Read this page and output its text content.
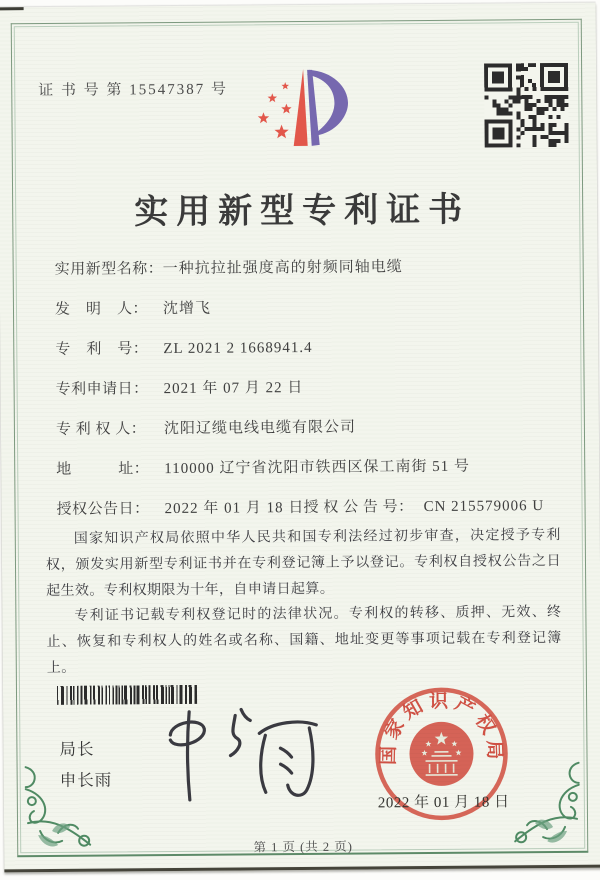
证 书 号 第 15547387 号
实用新型专利证书
实用新型名称： 一种抗拉扯强度高的射频同轴电缆
发　明　人： 沈增飞
专　利　号： ZL 2021 2 1668941.4
专利申请日： 2021 年 07 月 22 日
专 利 权 人：	沈阳辽缆电线电缆有限公司
地　　　址： 110000 辽宁省沈阳市铁西区保工南街 51 号
授权公告日： 2022 年 01 月 18 日 授 权 公 告 号： CN 215579006 U

国家知识产权局依照中华人民共和国专利法经过初步审查，决定授予专利权，颁发实用新型专利证书并在专利登记簿上予以登记。专利权自授权公告之日起生效。专利权期限为十年，自申请日起算。

专利证书记载专利权登记时的法律状况。专利权的转移、质押、无效、终止、恢复和专利权人的姓名或名称、国籍、地址变更等事项记载在专利登记簿上。

局长
申长雨
国家知识产权局
2022 年 01 月 18 日
第 1 页 (共 2 页)
